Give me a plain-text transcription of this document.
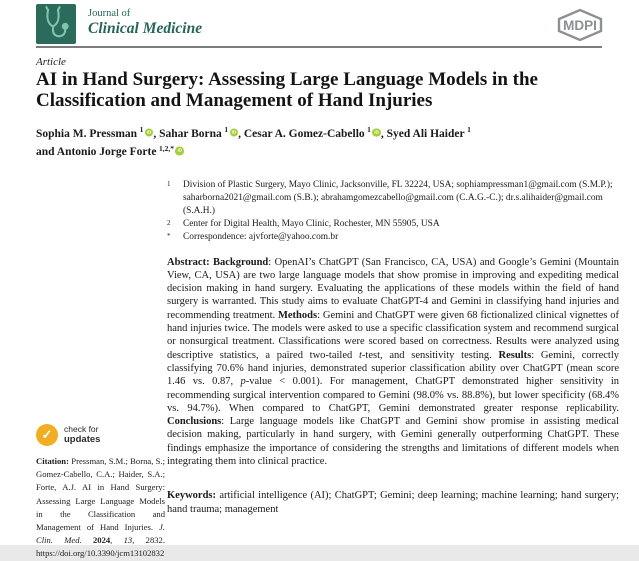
Journal of
Clinical Medicine	MDPI
Article
AI in Hand Surgery: Assessing Large Language Models in the
Classification and Management of Hand Injuries
Sophia M. Pressman $^1$ iD , Sahar Borna $^1$ iD , Cesar A. Gomez-Cabello $^1$ iD , Syed Ali Haider $^1$
and Antonio Jorge Forte $^{1,2,*}$ iD
1	Division of Plastic Surgery, Mayo Clinic, Jacksonville, FL 32224, USA; sophiampressman1@gmail.com (S.M.P.); saharborna2021@gmail.com (S.B.); abrahamgomezcabello@gmail.com (C.A.G.-C.); dr.s.alihaider@gmail.com (S.A.H.)
2	Center for Digital Health, Mayo Clinic, Rochester, MN 55905, USA
*	Correspondence: ajvforte@yahoo.com.br

Abstract: Background: OpenAI’s ChatGPT (San Francisco, CA, USA) and Google’s Gemini (Mountain View, CA, USA) are two large language models that show promise in improving and expediting medical decision making in hand surgery. Evaluating the applications of these models within the field of hand surgery is warranted. This study aims to evaluate ChatGPT-4 and Gemini in classifying hand injuries and recommending treatment. Methods: Gemini and ChatGPT were given 68 fictionalized clinical vignettes of hand injuries twice. The models were asked to use a specific classification system and recommend surgical or nonsurgical treatment. Classifications were scored based on correctness. Results were analyzed using descriptive statistics, a paired two-tailed t-test, and sensitivity testing. Results: Gemini, correctly classifying 70.6% hand injuries, demonstrated superior classification ability over ChatGPT (mean score 1.46 vs. 0.87, p-value < 0.001). For management, ChatGPT demonstrated higher sensitivity in recommending surgical intervention compared to Gemini (98.0% vs. 88.8%), but lower specificity (68.4% vs. 94.7%). When compared to ChatGPT, Gemini demonstrated greater response replicability. Conclusions: Large language models like ChatGPT and Gemini show promise in assisting medical decision making, particularly in hand surgery, with Gemini generally outperforming ChatGPT. These findings emphasize the importance of considering the strengths and limitations of different models when integrating them into clinical practice.

Keywords: artificial intelligence (AI); ChatGPT; Gemini; deep learning; machine learning; hand surgery; hand trauma; management

✓	check for
updates

Citation: Pressman, S.M.; Borna, S.; Gomez-Cabello, C.A.; Haider, S.A.; Forte, A.J. AI in Hand Surgery: Assessing Large Language Models in the Classification and Management of Hand Injuries. J. Clin. Med. 2024, 13, 2832. https://doi.org/10.3390/jcm13102832
